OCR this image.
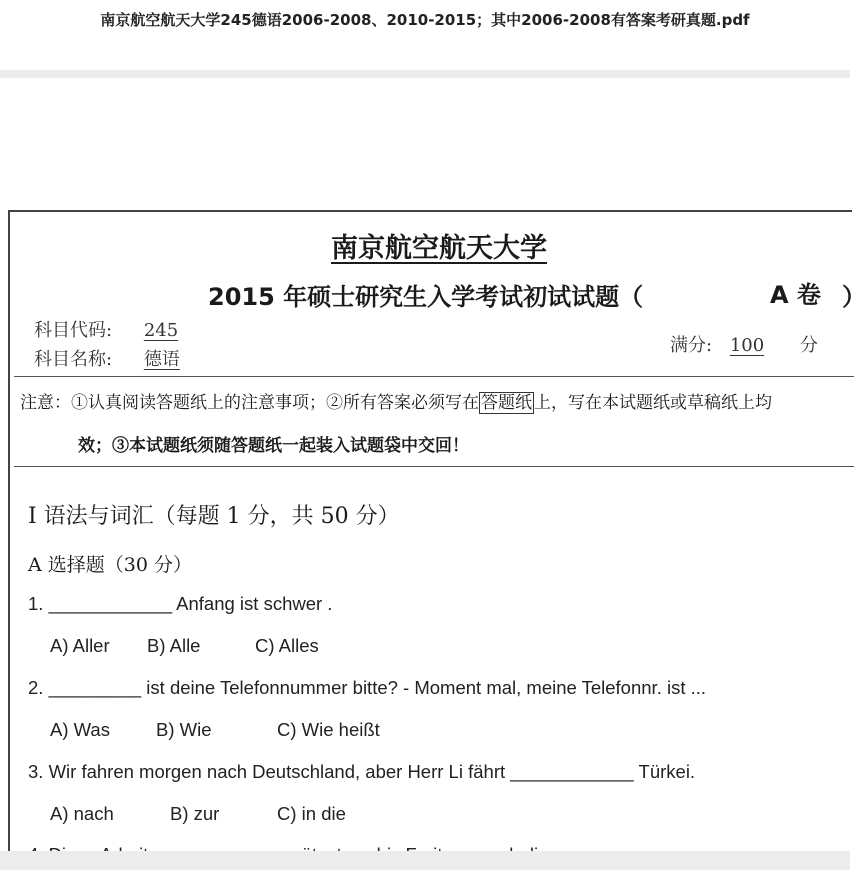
南京航空航天大学245德语2006-2008、2010-2015；其中2006-2008有答案考研真题.pdf
南京航空航天大学
2015 年硕士研究生入学考试初试试题（	A 卷 ）
科目代码: 245
科目名称: 德语
满分: 100 分
注意：①认真阅读答题纸上的注意事项；②所有答案必须写在 答题纸 上，写在本试题纸或草稿纸上均
效；③本试题纸须随答题纸一起装入试题袋中交回！
I 语法与词汇（每题 1 分，共 50 分）
A 选择题（30 分）
1. ____________ Anfang ist schwer .
A) Aller B) Alle	C) Alles
2. _________ ist deine Telefonnummer bitte? - Moment mal, meine Telefonnr. ist ...
A) Was B) Wie	C) Wie heißt
3. Wir fahren morgen nach Deutschland, aber Herr Li fährt ____________ Türkei.
A) nach	B) zur	C) in die
